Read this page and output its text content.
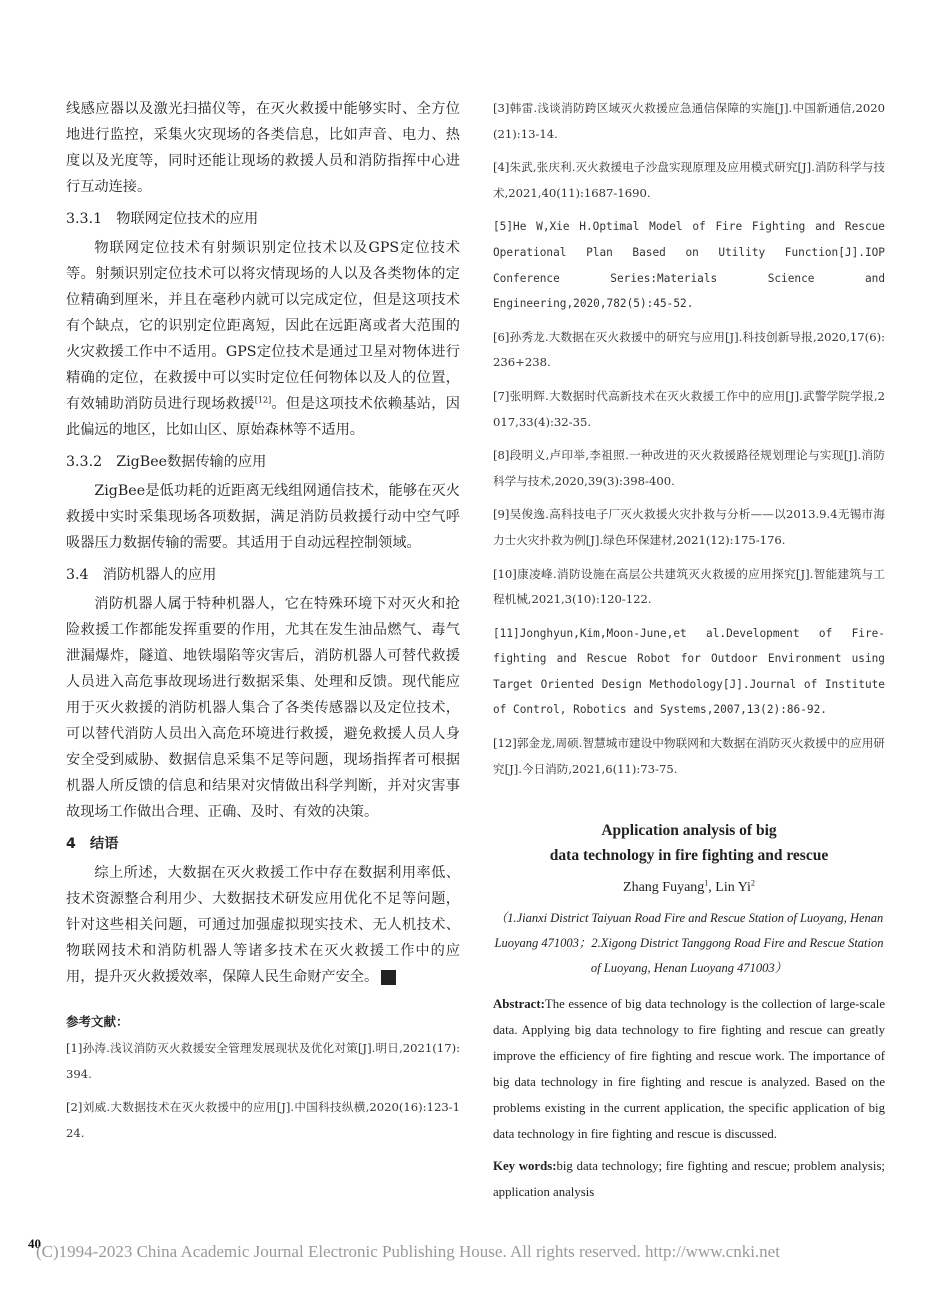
线感应器以及激光扫描仪等，在灭火救援中能够实时、全方位地进行监控，采集火灾现场的各类信息，比如声音、电力、热度以及光度等，同时还能让现场的救援人员和消防指挥中心进行互动连接。

3.3.1　物联网定位技术的应用

物联网定位技术有射频识别定位技术以及GPS定位技术等。射频识别定位技术可以将灾情现场的人以及各类物体的定位精确到厘米，并且在毫秒内就可以完成定位，但是这项技术有个缺点，它的识别定位距离短，因此在远距离或者大范围的火灾救援工作中不适用。GPS定位技术是通过卫星对物体进行精确的定位，在救援中可以实时定位任何物体以及人的位置，有效辅助消防员进行现场救援[12]。但是这项技术依赖基站，因此偏远的地区，比如山区、原始森林等不适用。

3.3.2　ZigBee数据传输的应用

ZigBee是低功耗的近距离无线组网通信技术，能够在灭火救援中实时采集现场各项数据，满足消防员救援行动中空气呼吸器压力数据传输的需要。其适用于自动远程控制领域。

3.4　消防机器人的应用

消防机器人属于特种机器人，它在特殊环境下对灭火和抢险救援工作都能发挥重要的作用，尤其在发生油品燃气、毒气泄漏爆炸，隧道、地铁塌陷等灾害后，消防机器人可替代救援人员进入高危事故现场进行数据采集、处理和反馈。现代能应用于灭火救援的消防机器人集合了各类传感器以及定位技术，可以替代消防人员出入高危环境进行救援，避免救援人员人身安全受到威胁、数据信息采集不足等问题，现场指挥者可根据机器人所反馈的信息和结果对灾情做出科学判断，并对灾害事故现场工作做出合理、正确、及时、有效的决策。

4　结语

综上所述，大数据在灭火救援工作中存在数据利用率低、技术资源整合利用少、大数据技术研发应用优化不足等问题，针对这些相关问题，可通过加强虚拟现实技术、无人机技术、物联网技术和消防机器人等诸多技术在灭火救援工作中的应用，提升灭火救援效率，保障人民生命财产安全。	6

参考文献：

[1]孙涛.浅议消防灭火救援安全管理发展现状及优化对策[J].明日,2021(17):394.

[2]刘威.大数据技术在灭火救援中的应用[J].中国科技纵横,2020(16):123-124.

[3]韩雷.浅谈消防跨区域灭火救援应急通信保障的实施[J].中国新通信,2020(21):13-14.

[4]朱武,张庆利.灭火救援电子沙盘实现原理及应用模式研究[J].消防科学与技术,2021,40(11):1687-1690.

[5]He W,Xie H.Optimal Model of Fire Fighting and Rescue Operational Plan Based on Utility Function[J].IOP Conference Series:Materials Science and Engineering,2020,782(5):45-52.

[6]孙秀龙.大数据在灭火救援中的研究与应用[J].科技创新导报,2020,17(6):236+238.

[7]张明辉.大数据时代高新技术在灭火救援工作中的应用[J].武警学院学报,2017,33(4):32-35.

[8]段明义,卢印举,李祖照.一种改进的灭火救援路径规划理论与实现[J].消防科学与技术,2020,39(3):398-400.

[9]吴俊逸.高科技电子厂灭火救援火灾扑救与分析——以2013.9.4无锡市海力士火灾扑救为例[J].绿色环保建材,2021(12):175-176.

[10]康凌峰.消防设施在高层公共建筑灭火救援的应用探究[J].智能建筑与工程机械,2021,3(10):120-122.

[11]Jonghyun,Kim,Moon-June,et al.Development of Fire-fighting and Rescue Robot for Outdoor Environment using Target Oriented Design Methodology[J].Journal of Institute of Control, Robotics and Systems,2007,13(2):86-92.

[12]郭金龙,周硕.智慧城市建设中物联网和大数据在消防灭火救援中的应用研究[J].今日消防,2021,6(11):73-75.

Application analysis of big

data technology in fire fighting and rescue

Zhang Fuyang$^1$, Lin Yi$^2$

（1.Jianxi District Taiyuan Road Fire and Rescue Station of Luoyang, Henan Luoyang 471003；2.Xigong District Tanggong Road Fire and Rescue Station of Luoyang, Henan Luoyang 471003）

Abstract:The essence of big data technology is the collection of large-scale data. Applying big data technology to fire fighting and rescue can greatly improve the efficiency of fire fighting and rescue work. The importance of big data technology in fire fighting and rescue is analyzed. Based on the problems existing in the current application, the specific application of big data technology in fire fighting and rescue is discussed.

Key words:big data technology; fire fighting and rescue; problem analysis; application analysis

40
(C)1994-2023 China Academic Journal Electronic Publishing House. All rights reserved. http://www.cnki.net
